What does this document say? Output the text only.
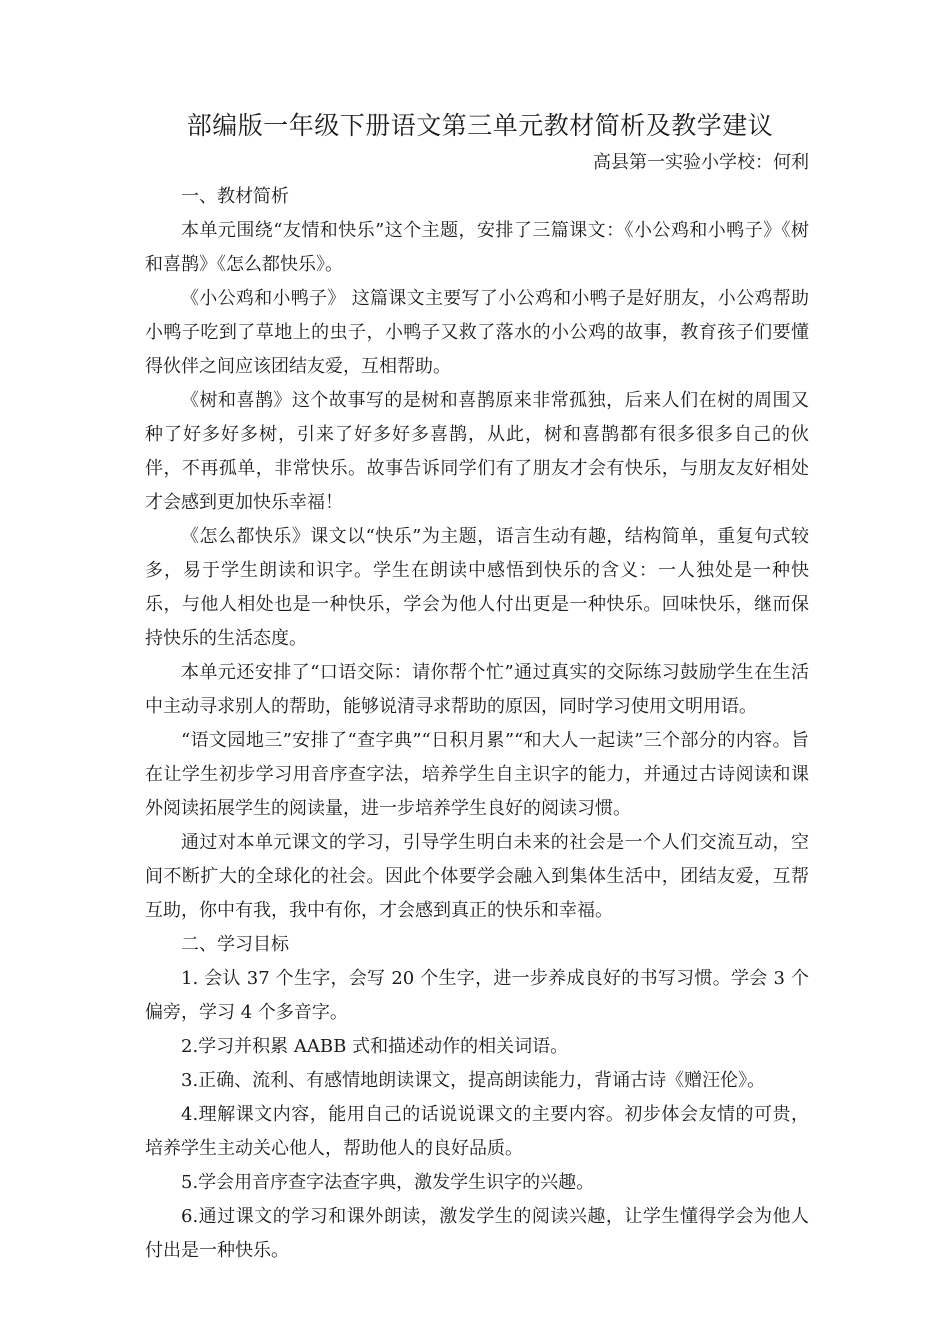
部编版一年级下册语文第三单元教材简析及教学建议
高县第一实验小学校：何利

一、教材简析

本单元围绕“友情和快乐”这个主题，安排了三篇课文：《小公鸡和小鸭子》《树和喜鹊》《怎么都快乐》。

《小公鸡和小鸭子》 这篇课文主要写了小公鸡和小鸭子是好朋友，小公鸡帮助小鸭子吃到了草地上的虫子，小鸭子又救了落水的小公鸡的故事，教育孩子们要懂得伙伴之间应该团结友爱，互相帮助。

《树和喜鹊》这个故事写的是树和喜鹊原来非常孤独，后来人们在树的周围又种了好多好多树，引来了好多好多喜鹊，从此，树和喜鹊都有很多很多自己的伙伴，不再孤单，非常快乐。故事告诉同学们有了朋友才会有快乐，与朋友友好相处才会感到更加快乐幸福！

《怎么都快乐》课文以“快乐”为主题，语言生动有趣，结构简单，重复句式较多，易于学生朗读和识字。学生在朗读中感悟到快乐的含义：一人独处是一种快乐，与他人相处也是一种快乐，学会为他人付出更是一种快乐。回味快乐，继而保持快乐的生活态度。

本单元还安排了“口语交际：请你帮个忙”通过真实的交际练习鼓励学生在生活中主动寻求别人的帮助，能够说清寻求帮助的原因，同时学习使用文明用语。

“语文园地三”安排了“查字典”“日积月累”“和大人一起读”三个部分的内容。旨在让学生初步学习用音序查字法，培养学生自主识字的能力，并通过古诗阅读和课外阅读拓展学生的阅读量，进一步培养学生良好的阅读习惯。

通过对本单元课文的学习，引导学生明白未来的社会是一个人们交流互动，空间不断扩大的全球化的社会。因此个体要学会融入到集体生活中，团结友爱，互帮互助，你中有我，我中有你，才会感到真正的快乐和幸福。

二、学习目标

1. 会认 37 个生字，会写 20 个生字，进一步养成良好的书写习惯。学会 3 个偏旁，学习 4 个多音字。

2.学习并积累 AABB 式和描述动作的相关词语。

3.正确、流利、有感情地朗读课文，提高朗读能力，背诵古诗《赠汪伦》。

4.理解课文内容，能用自己的话说说课文的主要内容。初步体会友情的可贵，培养学生主动关心他人，帮助他人的良好品质。

5.学会用音序查字法查字典，激发学生识字的兴趣。

6.通过课文的学习和课外朗读，激发学生的阅读兴趣，让学生懂得学会为他人付出是一种快乐。
